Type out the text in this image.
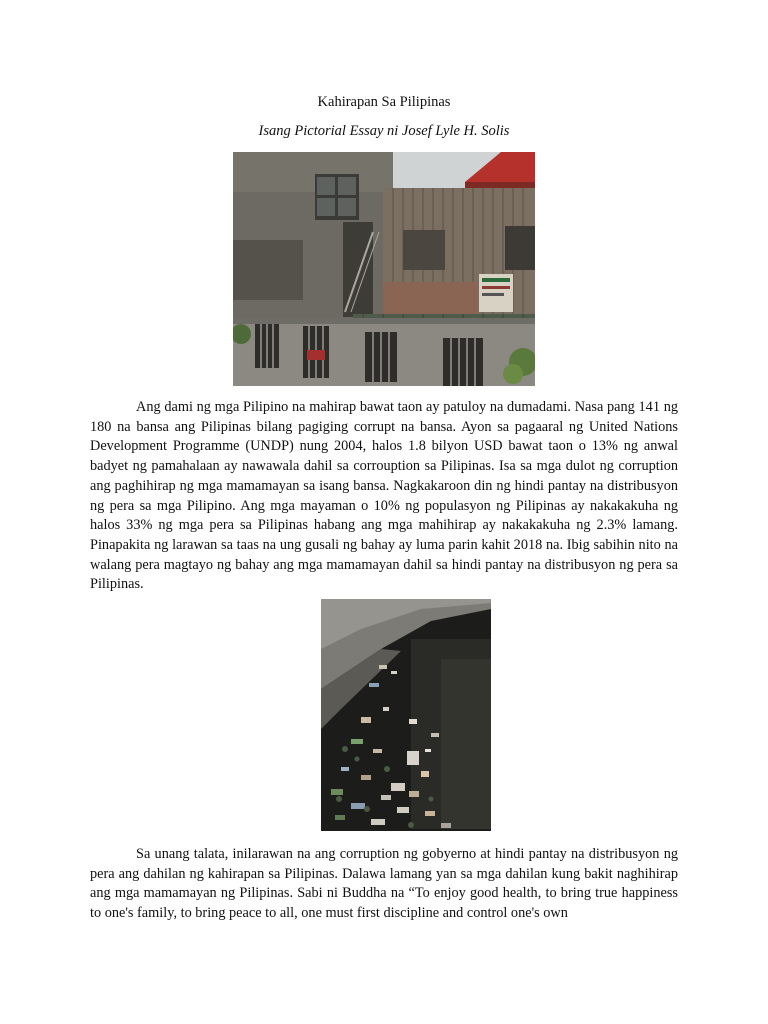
Kahirapan Sa Pilipinas
Isang Pictorial Essay ni Josef Lyle H. Solis

Ang dami ng mga Pilipino na mahirap bawat taon ay patuloy na dumadami. Nasa pang 141 ng 180 na bansa ang Pilipinas bilang pagiging corrupt na bansa. Ayon sa pagaaral ng United Nations Development Programme (UNDP) nung 2004, halos 1.8 bilyon USD bawat taon o 13% ng anwal badyet ng pamahalaan ay nawawala dahil sa corrouption sa Pilipinas. Isa sa mga dulot ng corruption ang paghihirap ng mga mamamayan sa isang bansa. Nagkakaroon din ng hindi pantay na distribusyon ng pera sa mga Pilipino. Ang mga mayaman o 10% ng populasyon ng Pilipinas ay nakakakuha ng halos 33% ng mga pera sa Pilipinas habang ang mga mahihirap ay nakakakuha ng 2.3% lamang. Pinapakita ng larawan sa taas na ung gusali ng bahay ay luma parin kahit 2018 na. Ibig sabihin nito na walang pera magtayo ng bahay ang mga mamamayan dahil sa hindi pantay na distribusyon ng pera sa Pilipinas.

Sa unang talata, inilarawan na ang corruption ng gobyerno at hindi pantay na distribusyon ng pera ang dahilan ng kahirapan sa Pilipinas. Dalawa lamang yan sa mga dahilan kung bakit naghihirap ang mga mamamayan ng Pilipinas. Sabi ni Buddha na “To enjoy good health, to bring true happiness to one's family, to bring peace to all, one must first discipline and control one's own
